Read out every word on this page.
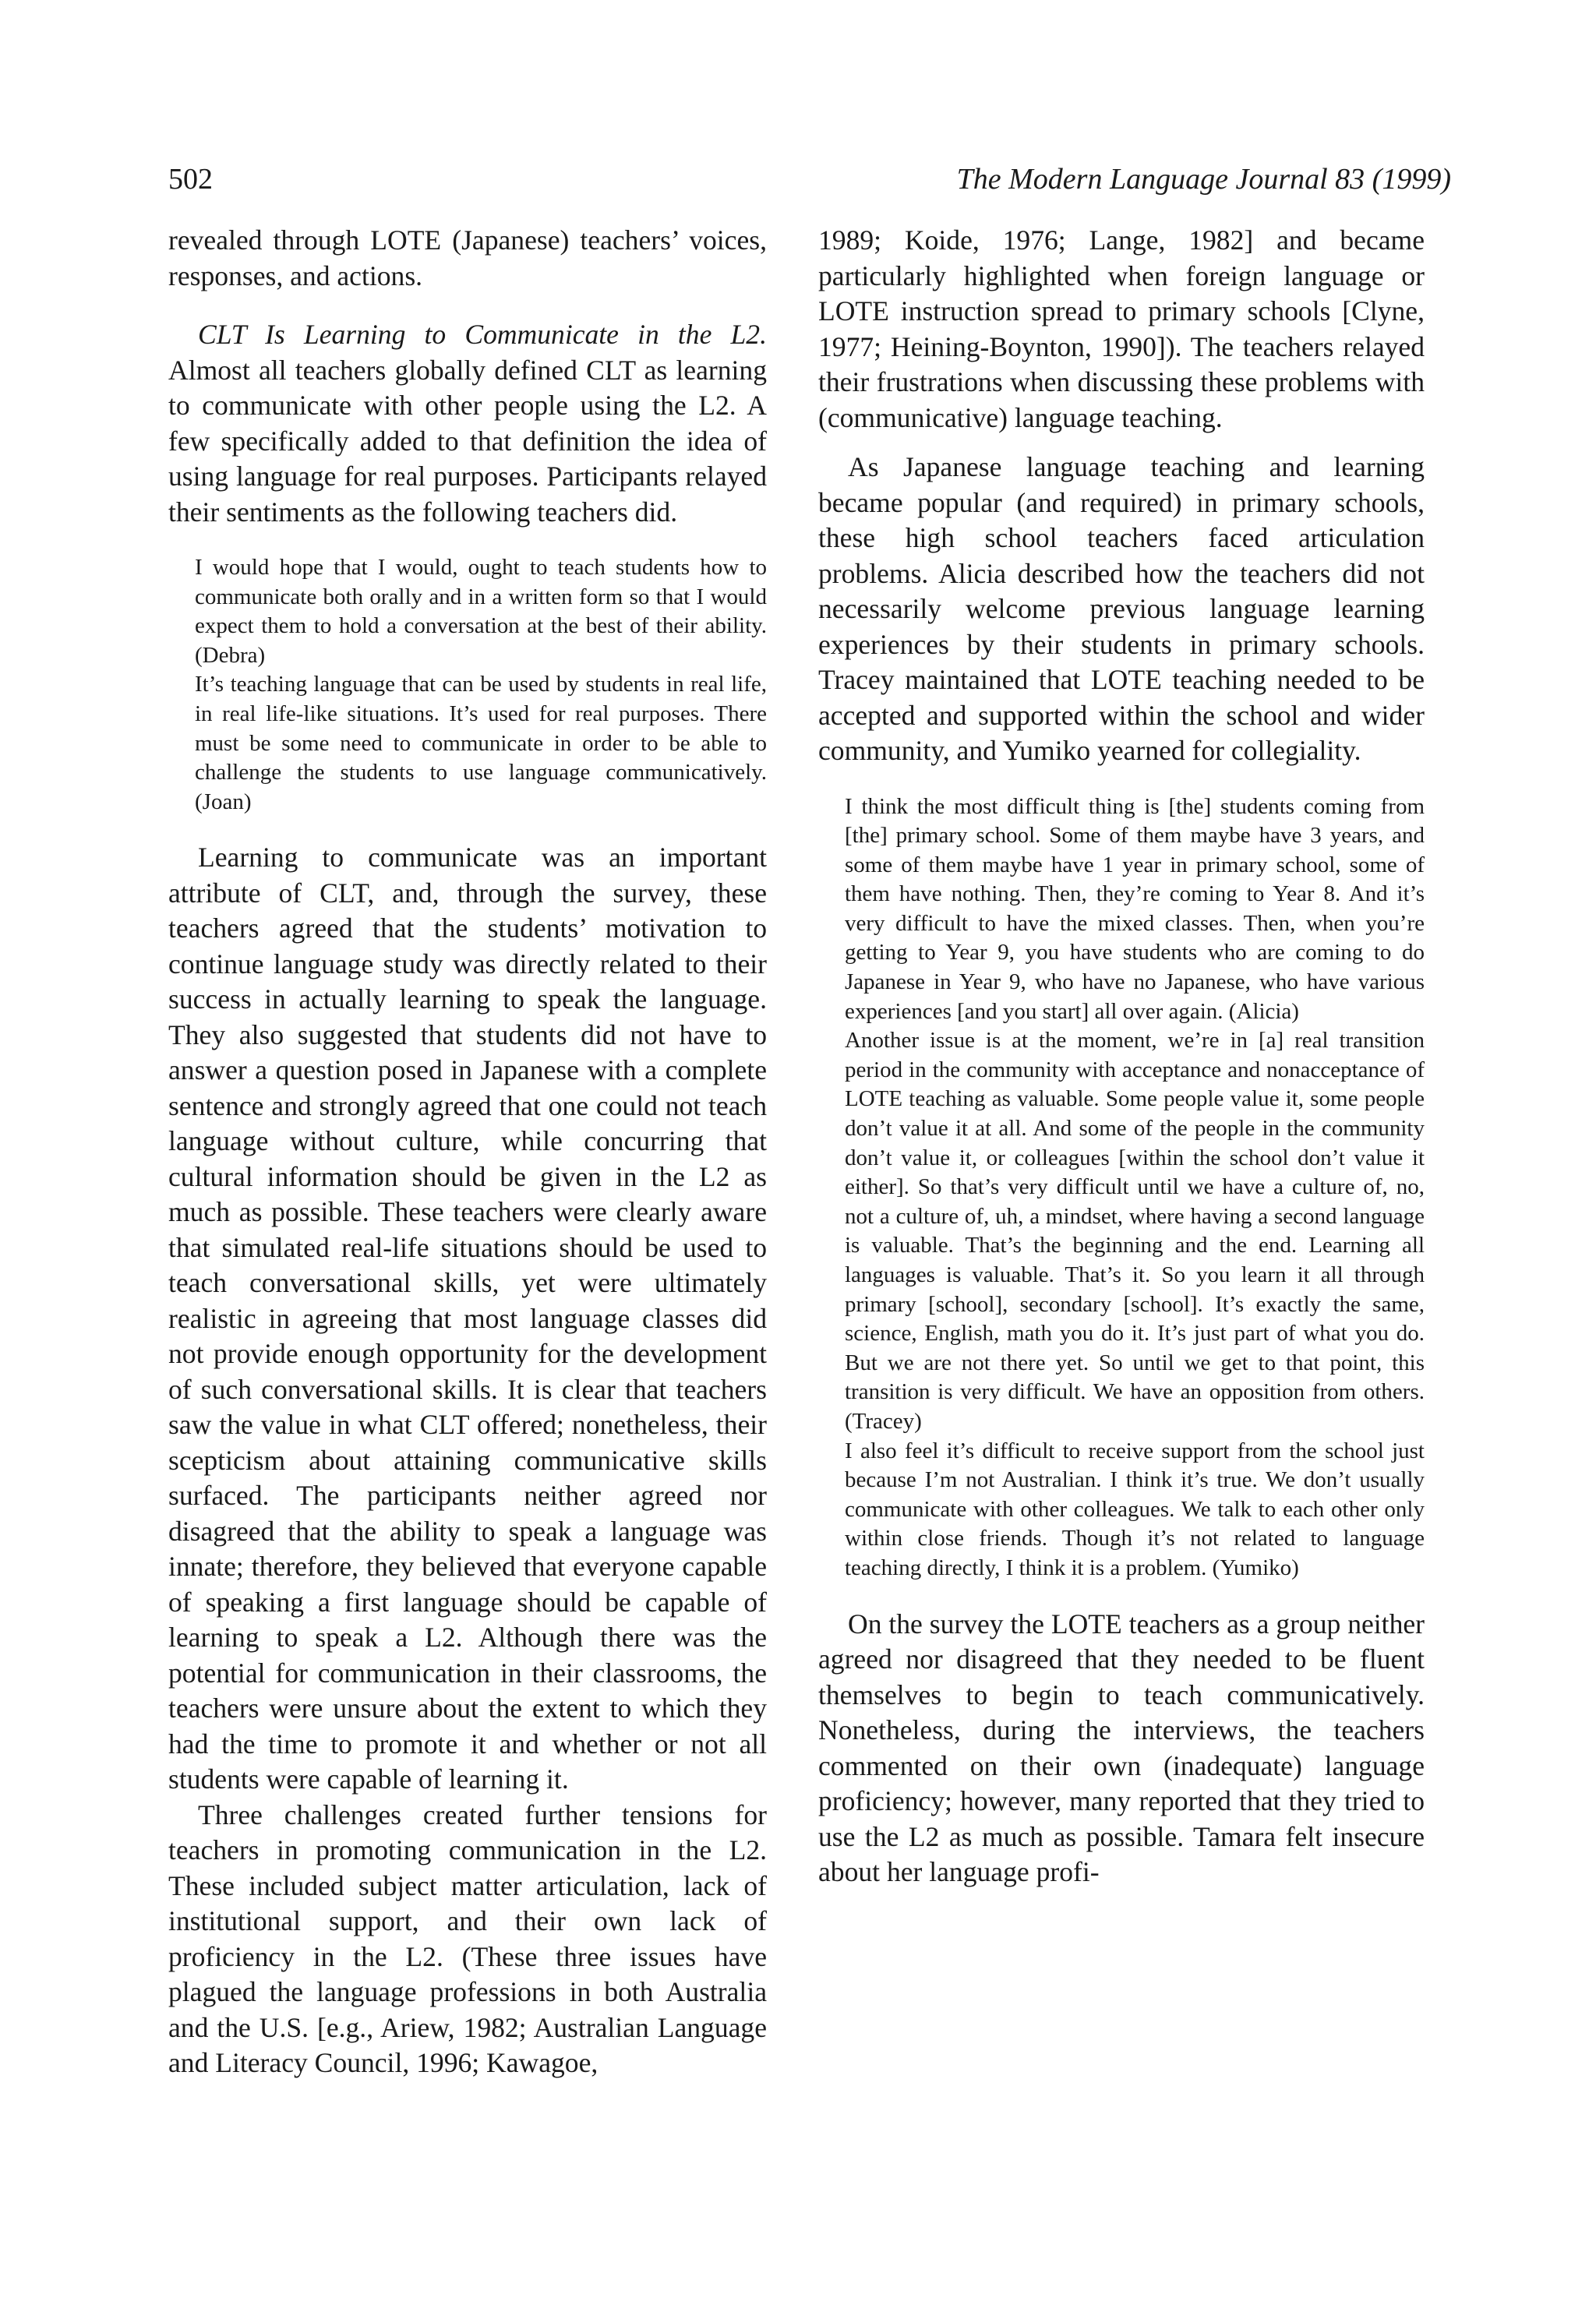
502	The Modern Language Journal 83 (1999)

revealed through LOTE (Japanese) teachers’ voices, responses, and actions.

CLT Is Learning to Communicate in the L2. Almost all teachers globally defined CLT as learning to communicate with other people using the L2. A few specifically added to that definition the idea of using language for real purposes. Participants relayed their sentiments as the following teachers did.

I would hope that I would, ought to teach students how to communicate both orally and in a written form so that I would expect them to hold a conversation at the best of their ability. (Debra)

It’s teaching language that can be used by students in real life, in real life-like situations. It’s used for real purposes. There must be some need to communicate in order to be able to challenge the students to use language communicatively. (Joan)

Learning to communicate was an important attribute of CLT, and, through the survey, these teachers agreed that the students’ motivation to continue language study was directly related to their success in actually learning to speak the language. They also suggested that students did not have to answer a question posed in Japanese with a complete sentence and strongly agreed that one could not teach language without culture, while concurring that cultural information should be given in the L2 as much as possible. These teachers were clearly aware that simulated real-life situations should be used to teach conversational skills, yet were ultimately realistic in agreeing that most language classes did not provide enough opportunity for the development of such conversational skills. It is clear that teachers saw the value in what CLT offered; nonetheless, their scepticism about attaining communicative skills surfaced. The participants neither agreed nor disagreed that the ability to speak a language was innate; therefore, they believed that everyone capable of speaking a first language should be capable of learning to speak a L2. Although there was the potential for communication in their classrooms, the teachers were unsure about the extent to which they had the time to promote it and whether or not all students were capable of learning it.

Three challenges created further tensions for teachers in promoting communication in the L2. These included subject matter articulation, lack of institutional support, and their own lack of proficiency in the L2. (These three issues have plagued the language professions in both Australia and the U.S. [e.g., Ariew, 1982; Australian Language and Literacy Council, 1996; Kawagoe,

1989; Koide, 1976; Lange, 1982] and became particularly highlighted when foreign language or LOTE instruction spread to primary schools [Clyne, 1977; Heining-Boynton, 1990]). The teachers relayed their frustrations when discussing these problems with (communicative) language teaching.

As Japanese language teaching and learning became popular (and required) in primary schools, these high school teachers faced articulation problems. Alicia described how the teachers did not necessarily welcome previous language learning experiences by their students in primary schools. Tracey maintained that LOTE teaching needed to be accepted and supported within the school and wider community, and Yumiko yearned for collegiality.

I think the most difficult thing is [the] students coming from [the] primary school. Some of them maybe have 3 years, and some of them maybe have 1 year in primary school, some of them have nothing. Then, they’re coming to Year 8. And it’s very difficult to have the mixed classes. Then, when you’re getting to Year 9, you have students who are coming to do Japanese in Year 9, who have no Japanese, who have various experiences [and you start] all over again. (Alicia)

Another issue is at the moment, we’re in [a] real transition period in the community with acceptance and nonacceptance of LOTE teaching as valuable. Some people value it, some people don’t value it at all. And some of the people in the community don’t value it, or colleagues [within the school don’t value it either]. So that’s very difficult until we have a culture of, no, not a culture of, uh, a mindset, where having a second language is valuable. That’s the beginning and the end. Learning all languages is valuable. That’s it. So you learn it all through primary [school], secondary [school]. It’s exactly the same, science, English, math you do it. It’s just part of what you do. But we are not there yet. So until we get to that point, this transition is very difficult. We have an opposition from others. (Tracey)

I also feel it’s difficult to receive support from the school just because I’m not Australian. I think it’s true. We don’t usually communicate with other colleagues. We talk to each other only within close friends. Though it’s not related to language teaching directly, I think it is a problem. (Yumiko)

On the survey the LOTE teachers as a group neither agreed nor disagreed that they needed to be fluent themselves to begin to teach communicatively. Nonetheless, during the interviews, the teachers commented on their own (inadequate) language proficiency; however, many reported that they tried to use the L2 as much as possible. Tamara felt insecure about her language profi-
